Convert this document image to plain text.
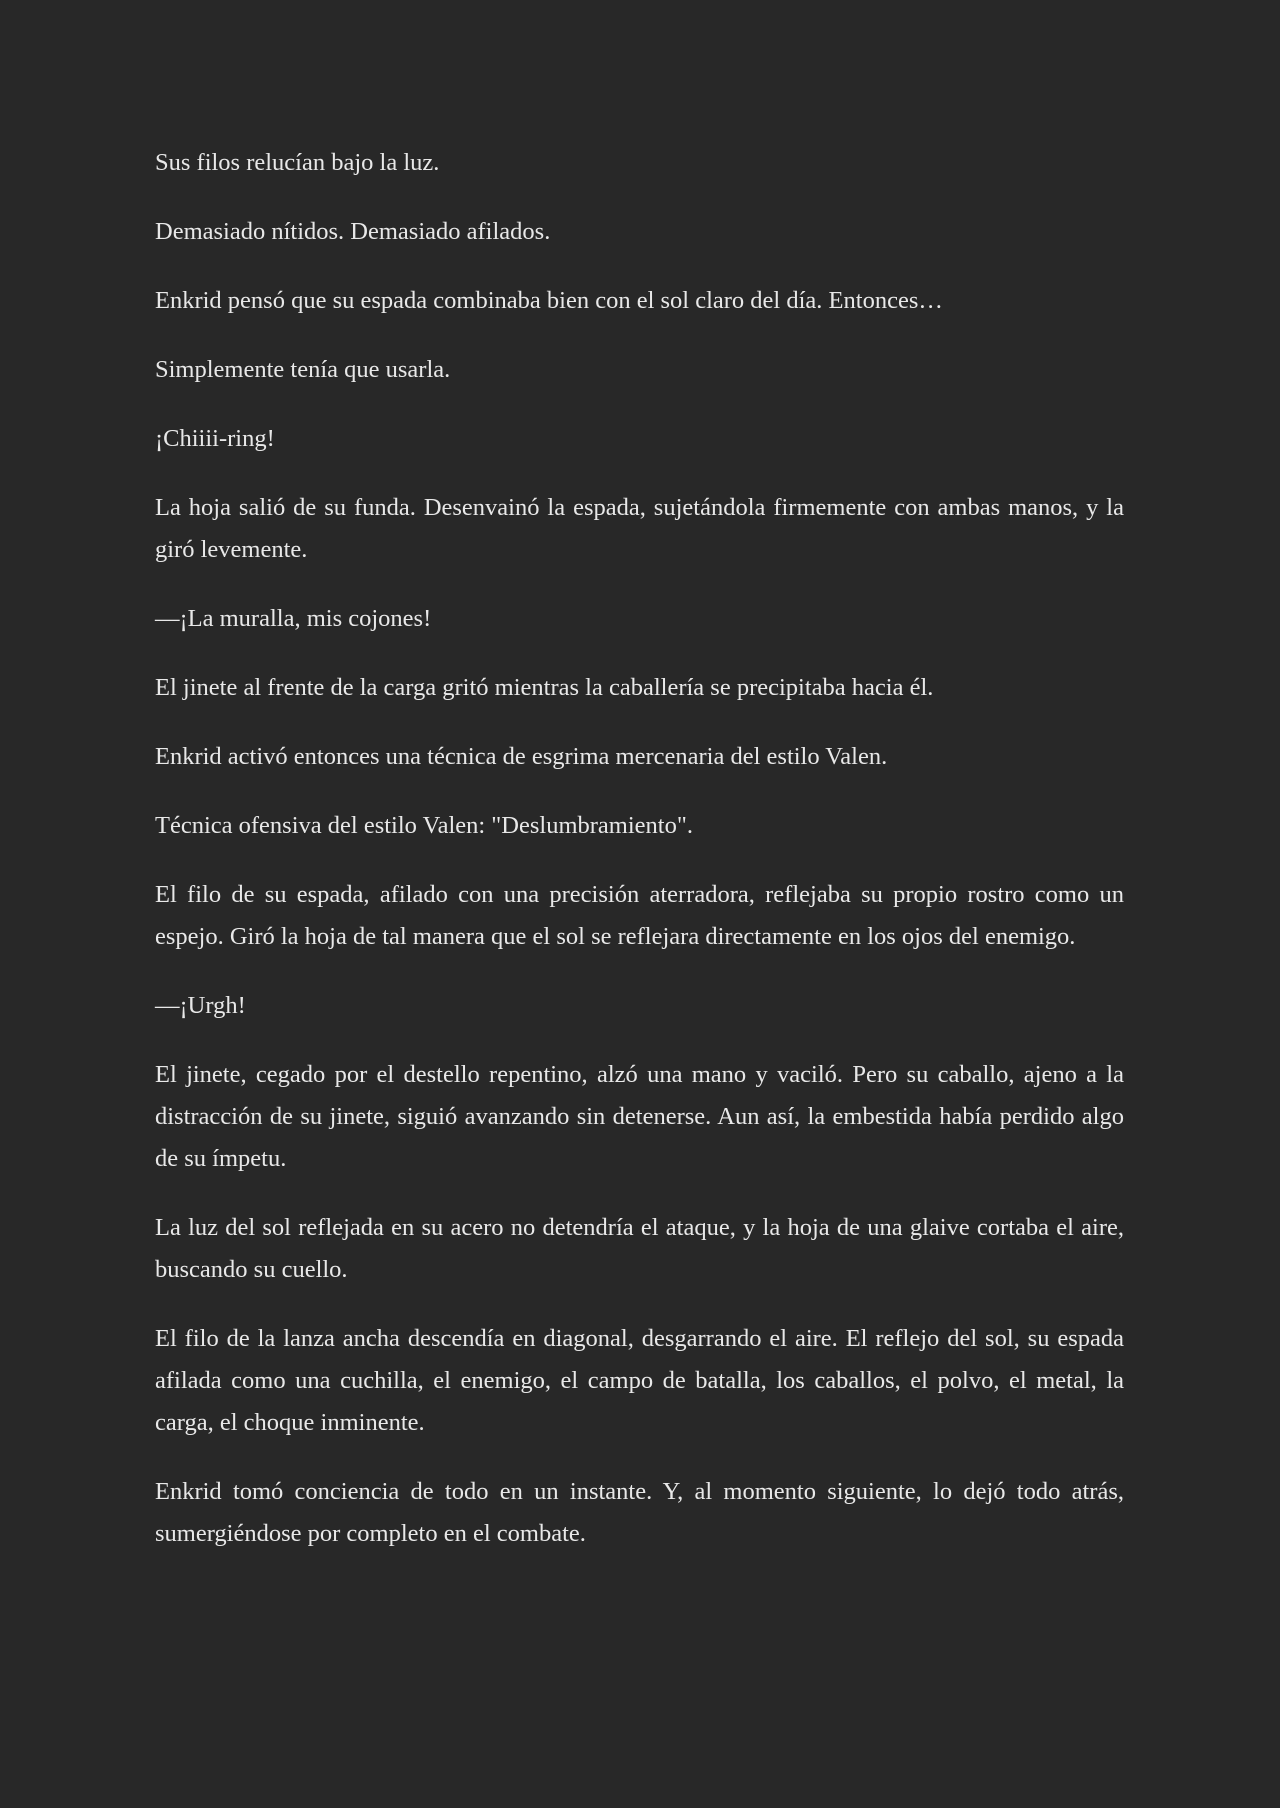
Sus filos relucían bajo la luz.

Demasiado nítidos. Demasiado afilados.

Enkrid pensó que su espada combinaba bien con el sol claro del día. Entonces…

Simplemente tenía que usarla.

¡Chiiii-ring!

La hoja salió de su funda. Desenvainó la espada, sujetándola firmemente con ambas manos, y la giró levemente.

—¡La muralla, mis cojones!

El jinete al frente de la carga gritó mientras la caballería se precipitaba hacia él.

Enkrid activó entonces una técnica de esgrima mercenaria del estilo Valen.

Técnica ofensiva del estilo Valen: "Deslumbramiento".

El filo de su espada, afilado con una precisión aterradora, reflejaba su propio rostro como un espejo. Giró la hoja de tal manera que el sol se reflejara directamente en los ojos del enemigo.

—¡Urgh!

El jinete, cegado por el destello repentino, alzó una mano y vaciló. Pero su caballo, ajeno a la distracción de su jinete, siguió avanzando sin detenerse. Aun así, la embestida había perdido algo de su ímpetu.

La luz del sol reflejada en su acero no detendría el ataque, y la hoja de una glaive cortaba el aire, buscando su cuello.

El filo de la lanza ancha descendía en diagonal, desgarrando el aire. El reflejo del sol, su espada afilada como una cuchilla, el enemigo, el campo de batalla, los caballos, el polvo, el metal, la carga, el choque inminente.

Enkrid tomó conciencia de todo en un instante. Y, al momento siguiente, lo dejó todo atrás, sumergiéndose por completo en el combate.
